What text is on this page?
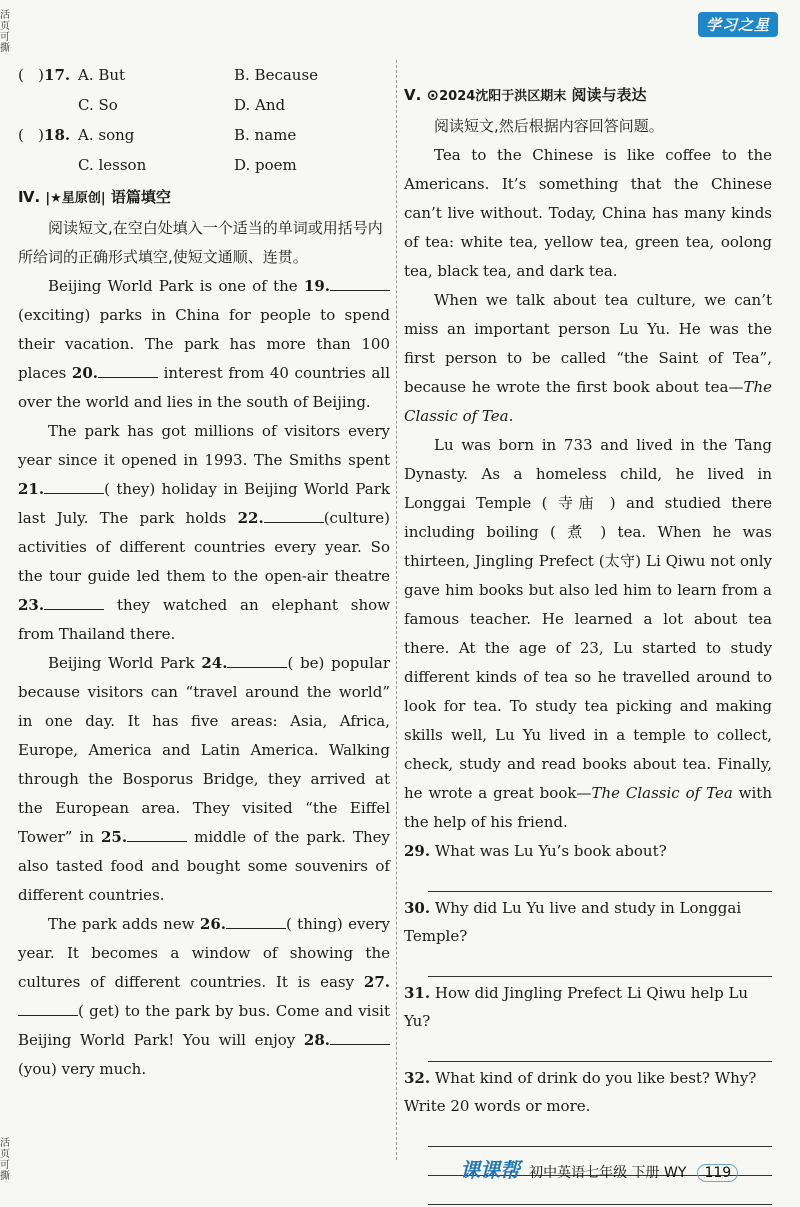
活页可撕
活页可撕
学习之星
( )17. A. But	B. Because
C. So	D. And
( )18. A. song	B. name
C. lesson	D. poem
Ⅳ. |★星原创| 语篇填空

阅读短文,在空白处填入一个适当的单词或用括号内所给词的正确形式填空,使短文通顺、连贯。

Beijing World Park is one of the 19.(exciting) parks in China for people to spend their vacation. The park has more than 100 places 20.	interest from 40 countries all over the world and lies in the south of Beijing.

The park has got millions of visitors every year since it opened in 1993. The Smiths spent 21.	( they) holiday in Beijing World Park last July. The park holds 22.	(culture) activities of different countries every year. So the tour guide led them to the open-air theatre 23.	they watched an elephant show from Thailand there.

Beijing World Park 24.	( be) popular because visitors can “travel around the world” in one day. It has five areas: Asia, Africa, Europe, America and Latin America. Walking through the Bosporus Bridge, they arrived at the European area. They visited “the Eiffel Tower” in 25.	middle of the park. They also tasted food and bought some souvenirs of different countries.

The park adds new 26.	( thing) every year. It becomes a window of showing the cultures of different countries. It is easy 27.( get) to the park by bus. Come and visit Beijing World Park! You will enjoy 28.(you) very much.

Ⅴ. ⊙2024沈阳于洪区期末 阅读与表达

阅读短文,然后根据内容回答问题。

Tea to the Chinese is like coffee to the Americans. It’s something that the Chinese can’t live without. Today, China has many kinds of tea: white tea, yellow tea, green tea, oolong tea, black tea, and dark tea.

When we talk about tea culture, we can’t miss an important person Lu Yu. He was the first person to be called “the Saint of Tea”, because he wrote the first book about tea—The Classic of Tea.

Lu was born in 733 and lived in the Tang Dynasty. As a homeless child, he lived in Longgai Temple ( 寺庙 ) and studied there including boiling ( 煮 ) tea. When he was thirteen, Jingling Prefect (太守) Li Qiwu not only gave him books but also led him to learn from a famous teacher. He learned a lot about tea there. At the age of 23, Lu started to study different kinds of tea so he travelled around to look for tea. To study tea picking and making skills well, Lu Yu lived in a temple to collect, check, study and read books about tea. Finally, he wrote a great book—The Classic of Tea with the help of his friend.

29. What was Lu Yu’s book about?

30. Why did Lu Yu live and study in Longgai Temple?

31. How did Jingling Prefect Li Qiwu help Lu Yu?

32. What kind of drink do you like best? Why? Write 20 words or more.

课课帮 初中英语七年级 下册 WY 119
